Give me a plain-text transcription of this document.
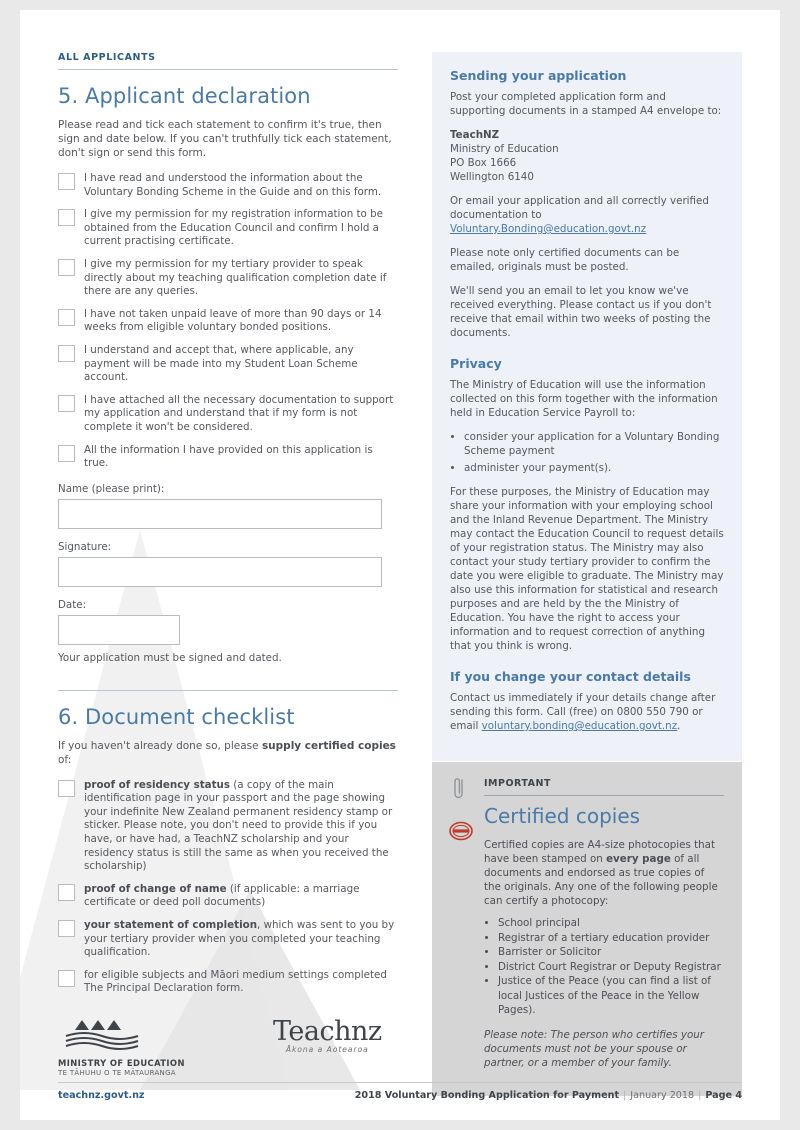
ALL APPLICANTS
5. Applicant declaration

Please read and tick each statement to confirm it's true, then sign and date below. If you can't truthfully tick each statement, don't sign or send this form.

I have read and understood the information about the Voluntary Bonding Scheme in the Guide and on this form.
I give my permission for my registration information to be obtained from the Education Council and confirm I hold a current practising certificate.
I give my permission for my tertiary provider to speak directly about my teaching qualification completion date if there are any queries.
I have not taken unpaid leave of more than 90 days or 14 weeks from eligible voluntary bonded positions.
I understand and accept that, where applicable, any payment will be made into my Student Loan Scheme account.
I have attached all the necessary documentation to support my application and understand that if my form is not complete it won't be considered.
All the information I have provided on this application is true.
Name (please print):
Signature:
Date:
Your application must be signed and dated.
6. Document checklist

If you haven't already done so, please supply certified copies of:

proof of residency status (a copy of the main identification page in your passport and the page showing your indefinite New Zealand permanent residency stamp or sticker. Please note, you don't need to provide this if you have, or have had, a TeachNZ scholarship and your residency status is still the same as when you received the scholarship)
proof of change of name (if applicable: a marriage certificate or deed poll documents)
your statement of completion, which was sent to you by your tertiary provider when you completed your teaching qualification.
for eligible subjects and Māori medium settings completed The Principal Declaration form.
Sending your application

Post your completed application form and supporting documents in a stamped A4 envelope to:

TeachNZ
Ministry of Education
PO Box 1666
Wellington 6140

Or email your application and all correctly verified documentation to Voluntary.Bonding@education.govt.nz

Please note only certified documents can be emailed, originals must be posted.

We'll send you an email to let you know we've received everything. Please contact us if you don't receive that email within two weeks of posting the documents.

Privacy

The Ministry of Education will use the information collected on this form together with the information held in Education Service Payroll to:

• consider your application for a Voluntary Bonding Scheme payment
• administer your payment(s).

For these purposes, the Ministry of Education may share your information with your employing school and the Inland Revenue Department. The Ministry may contact the Education Council to request details of your registration status. The Ministry may also contact your study tertiary provider to confirm the date you were eligible to graduate. The Ministry may also use this information for statistical and research purposes and are held by the the Ministry of Education. You have the right to access your information and to request correction of anything that you think is wrong.

If you change your contact details

Contact us immediately if your details change after sending this form. Call (free) on 0800 550 790 or email voluntary.bonding@education.govt.nz.

IMPORTANT
Certified copies

Certified copies are A4-size photocopies that have been stamped on every page of all documents and endorsed as true copies of the originals. Any one of the following people can certify a photocopy:

• School principal
• Registrar of a tertiary education provider
• Barrister or Solicitor
• District Court Registrar or Deputy Registrar
• Justice of the Peace (you can find a list of local Justices of the Peace in the Yellow Pages).

Please note: The person who certifies your documents must not be your spouse or partner, or a member of your family.

MINISTRY OF EDUCATION
TE TĀHUHU O TE MĀTAURANGA
Teachnz
Ākona a Aotearoa
teachnz.govt.nz	2018 Voluntary Bonding Application for Payment | January 2018 | Page 4
